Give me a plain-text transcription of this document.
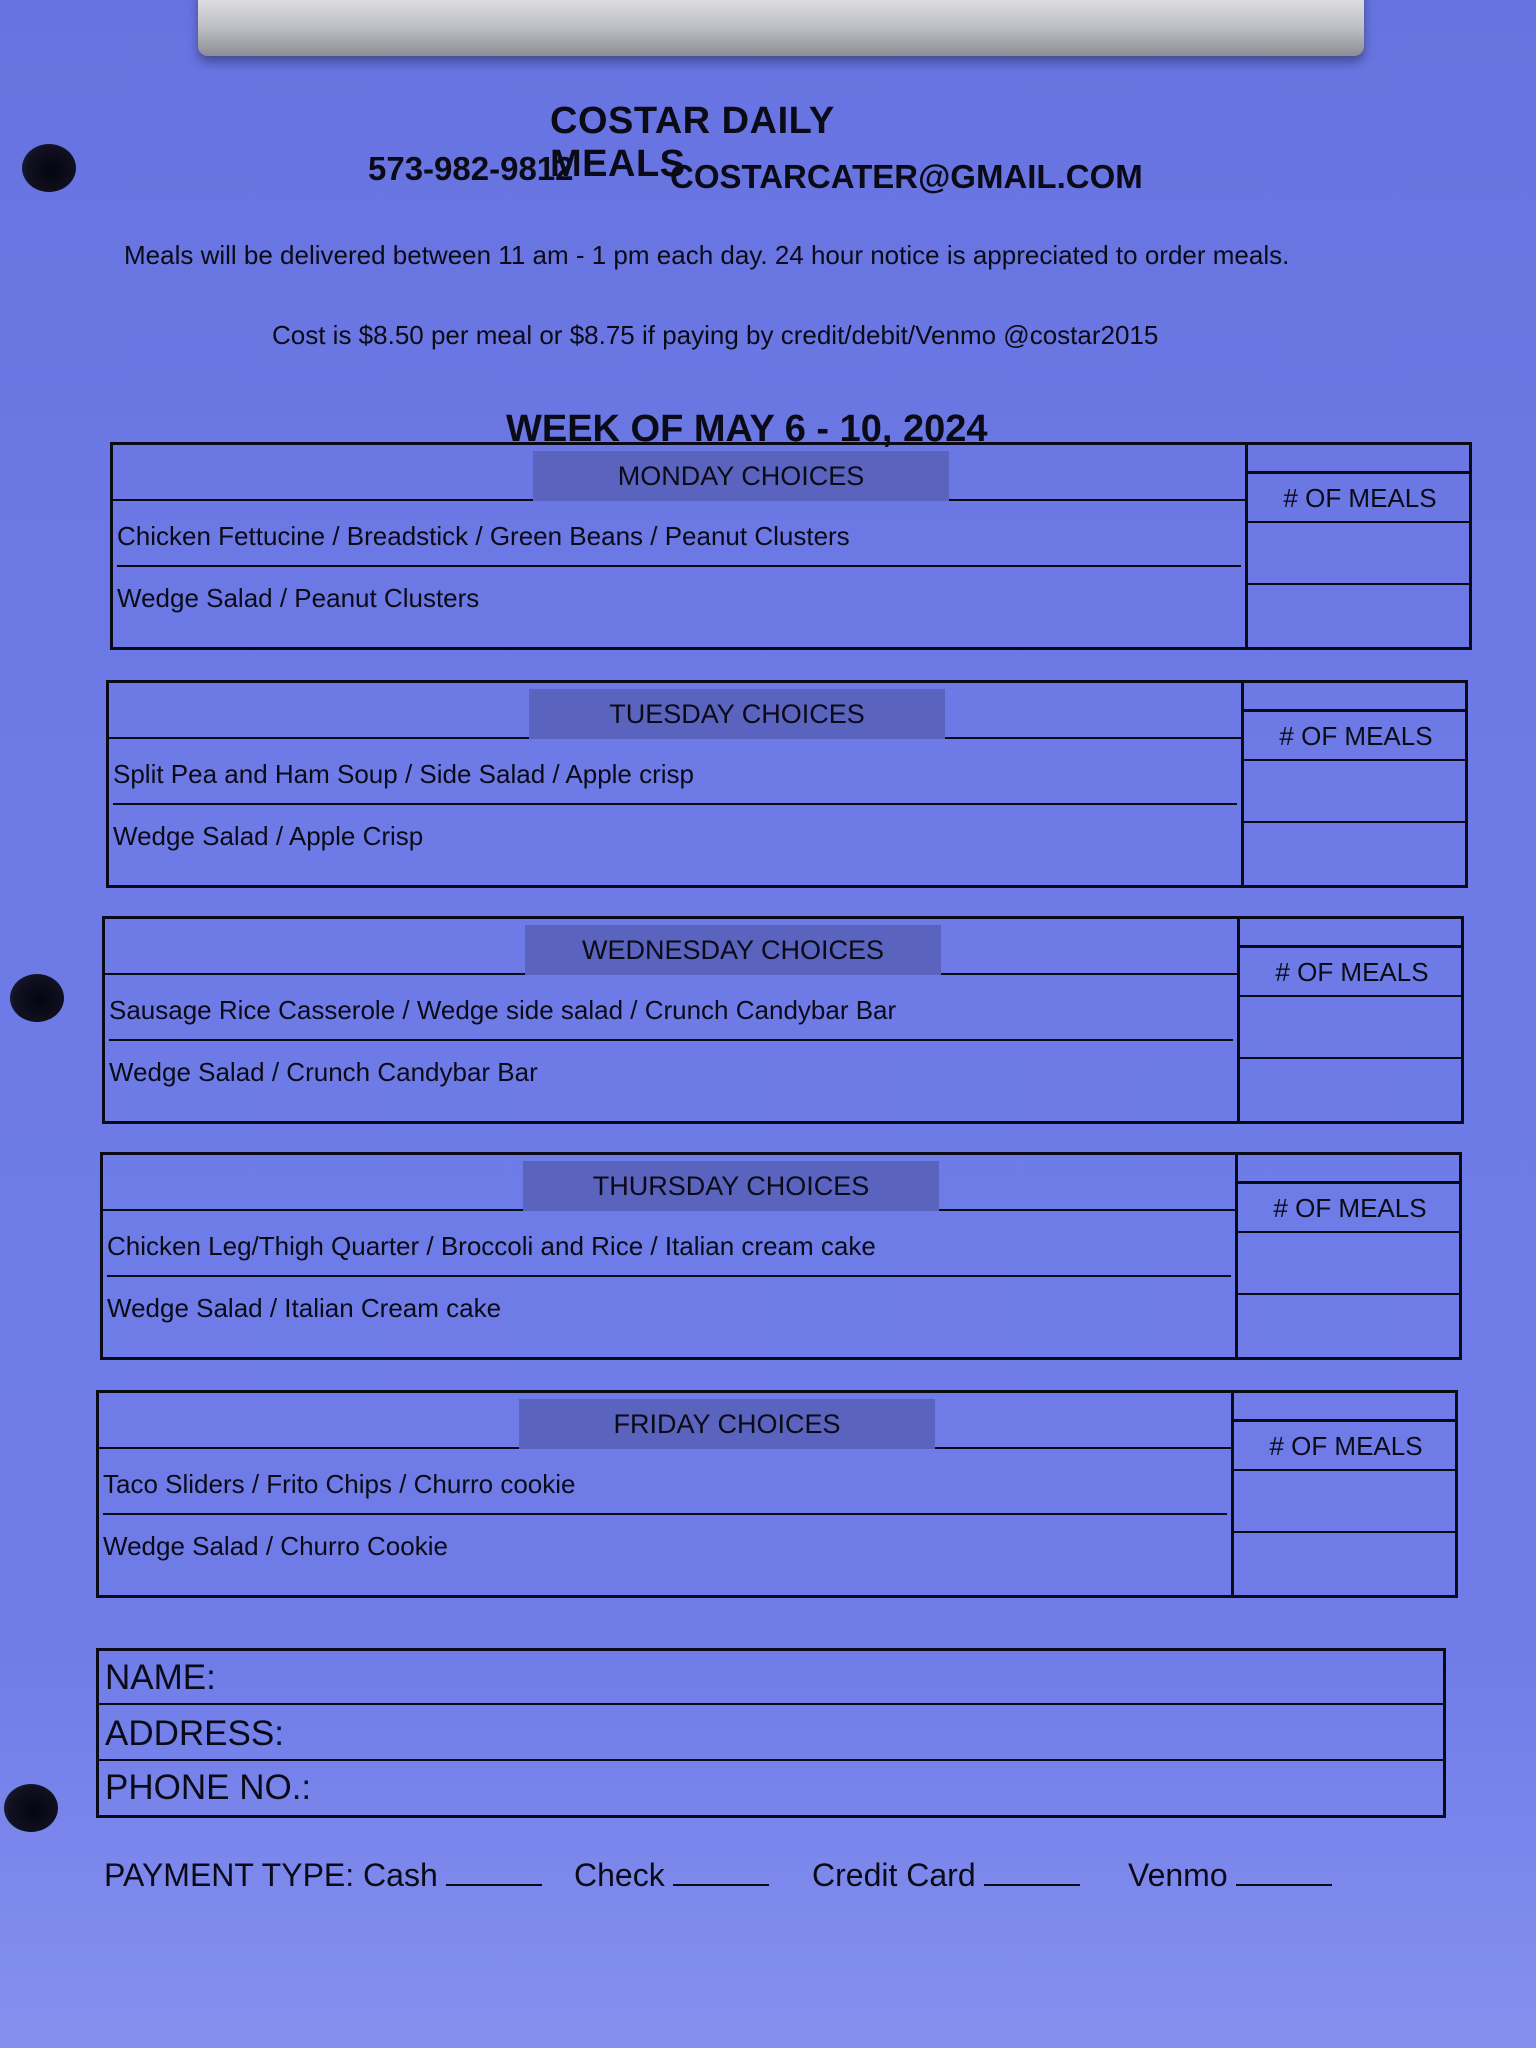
COSTAR DAILY MEALS
573-982-9812	COSTARCATER@GMAIL.COM
Meals will be delivered between 11 am - 1 pm each day. 24 hour notice is appreciated to order meals.
Cost is $8.50 per meal or $8.75 if paying by credit/debit/Venmo @costar2015
WEEK OF MAY 6 - 10, 2024
MONDAY CHOICES
Chicken Fettucine / Breadstick / Green Beans / Peanut Clusters
Wedge Salad / Peanut Clusters
# OF MEALS
TUESDAY CHOICES
Split Pea and Ham Soup / Side Salad / Apple crisp
Wedge Salad / Apple Crisp
# OF MEALS
WEDNESDAY CHOICES
Sausage Rice Casserole / Wedge side salad / Crunch Candybar Bar
Wedge Salad / Crunch Candybar Bar
# OF MEALS
THURSDAY CHOICES
Chicken Leg/Thigh Quarter / Broccoli and Rice / Italian cream cake
Wedge Salad / Italian Cream cake
# OF MEALS
FRIDAY CHOICES
Taco Sliders / Frito Chips / Churro cookie
Wedge Salad / Churro Cookie
# OF MEALS
NAME:
ADDRESS:
PHONE NO.:
PAYMENT TYPE: Cash	Check	Credit Card	Venmo
